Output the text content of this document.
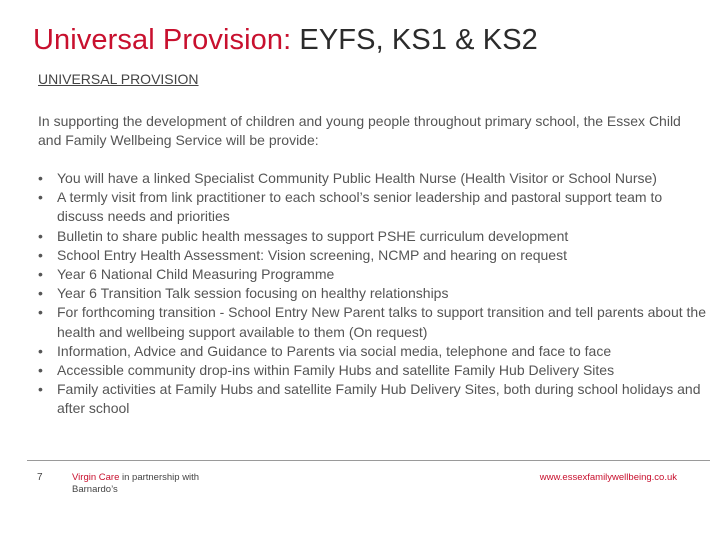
Universal Provision: EYFS, KS1 & KS2

UNIVERSAL PROVISION

In supporting the development of children and young people throughout primary school, the Essex Child and Family Wellbeing Service will be provide:

• You will have a linked Specialist Community Public Health Nurse (Health Visitor or School Nurse)
• A termly visit from link practitioner to each school’s senior leadership and pastoral support team to discuss needs and priorities
• Bulletin to share public health messages to support PSHE curriculum development
• School Entry Health Assessment: Vision screening, NCMP and hearing on request
• Year 6 National Child Measuring Programme
• Year 6 Transition Talk session focusing on healthy relationships
• For forthcoming transition - School Entry New Parent talks to support transition and tell parents about the health and wellbeing support available to them (On request)
• Information, Advice and Guidance to Parents via social media, telephone and face to face
• Accessible community drop-ins within Family Hubs and satellite Family Hub Delivery Sites
• Family activities at Family Hubs and satellite Family Hub Delivery Sites, both during school holidays and after school
7	Virgin Care in partnership with
Barnardo’s
www.essexfamilywellbeing.co.uk
